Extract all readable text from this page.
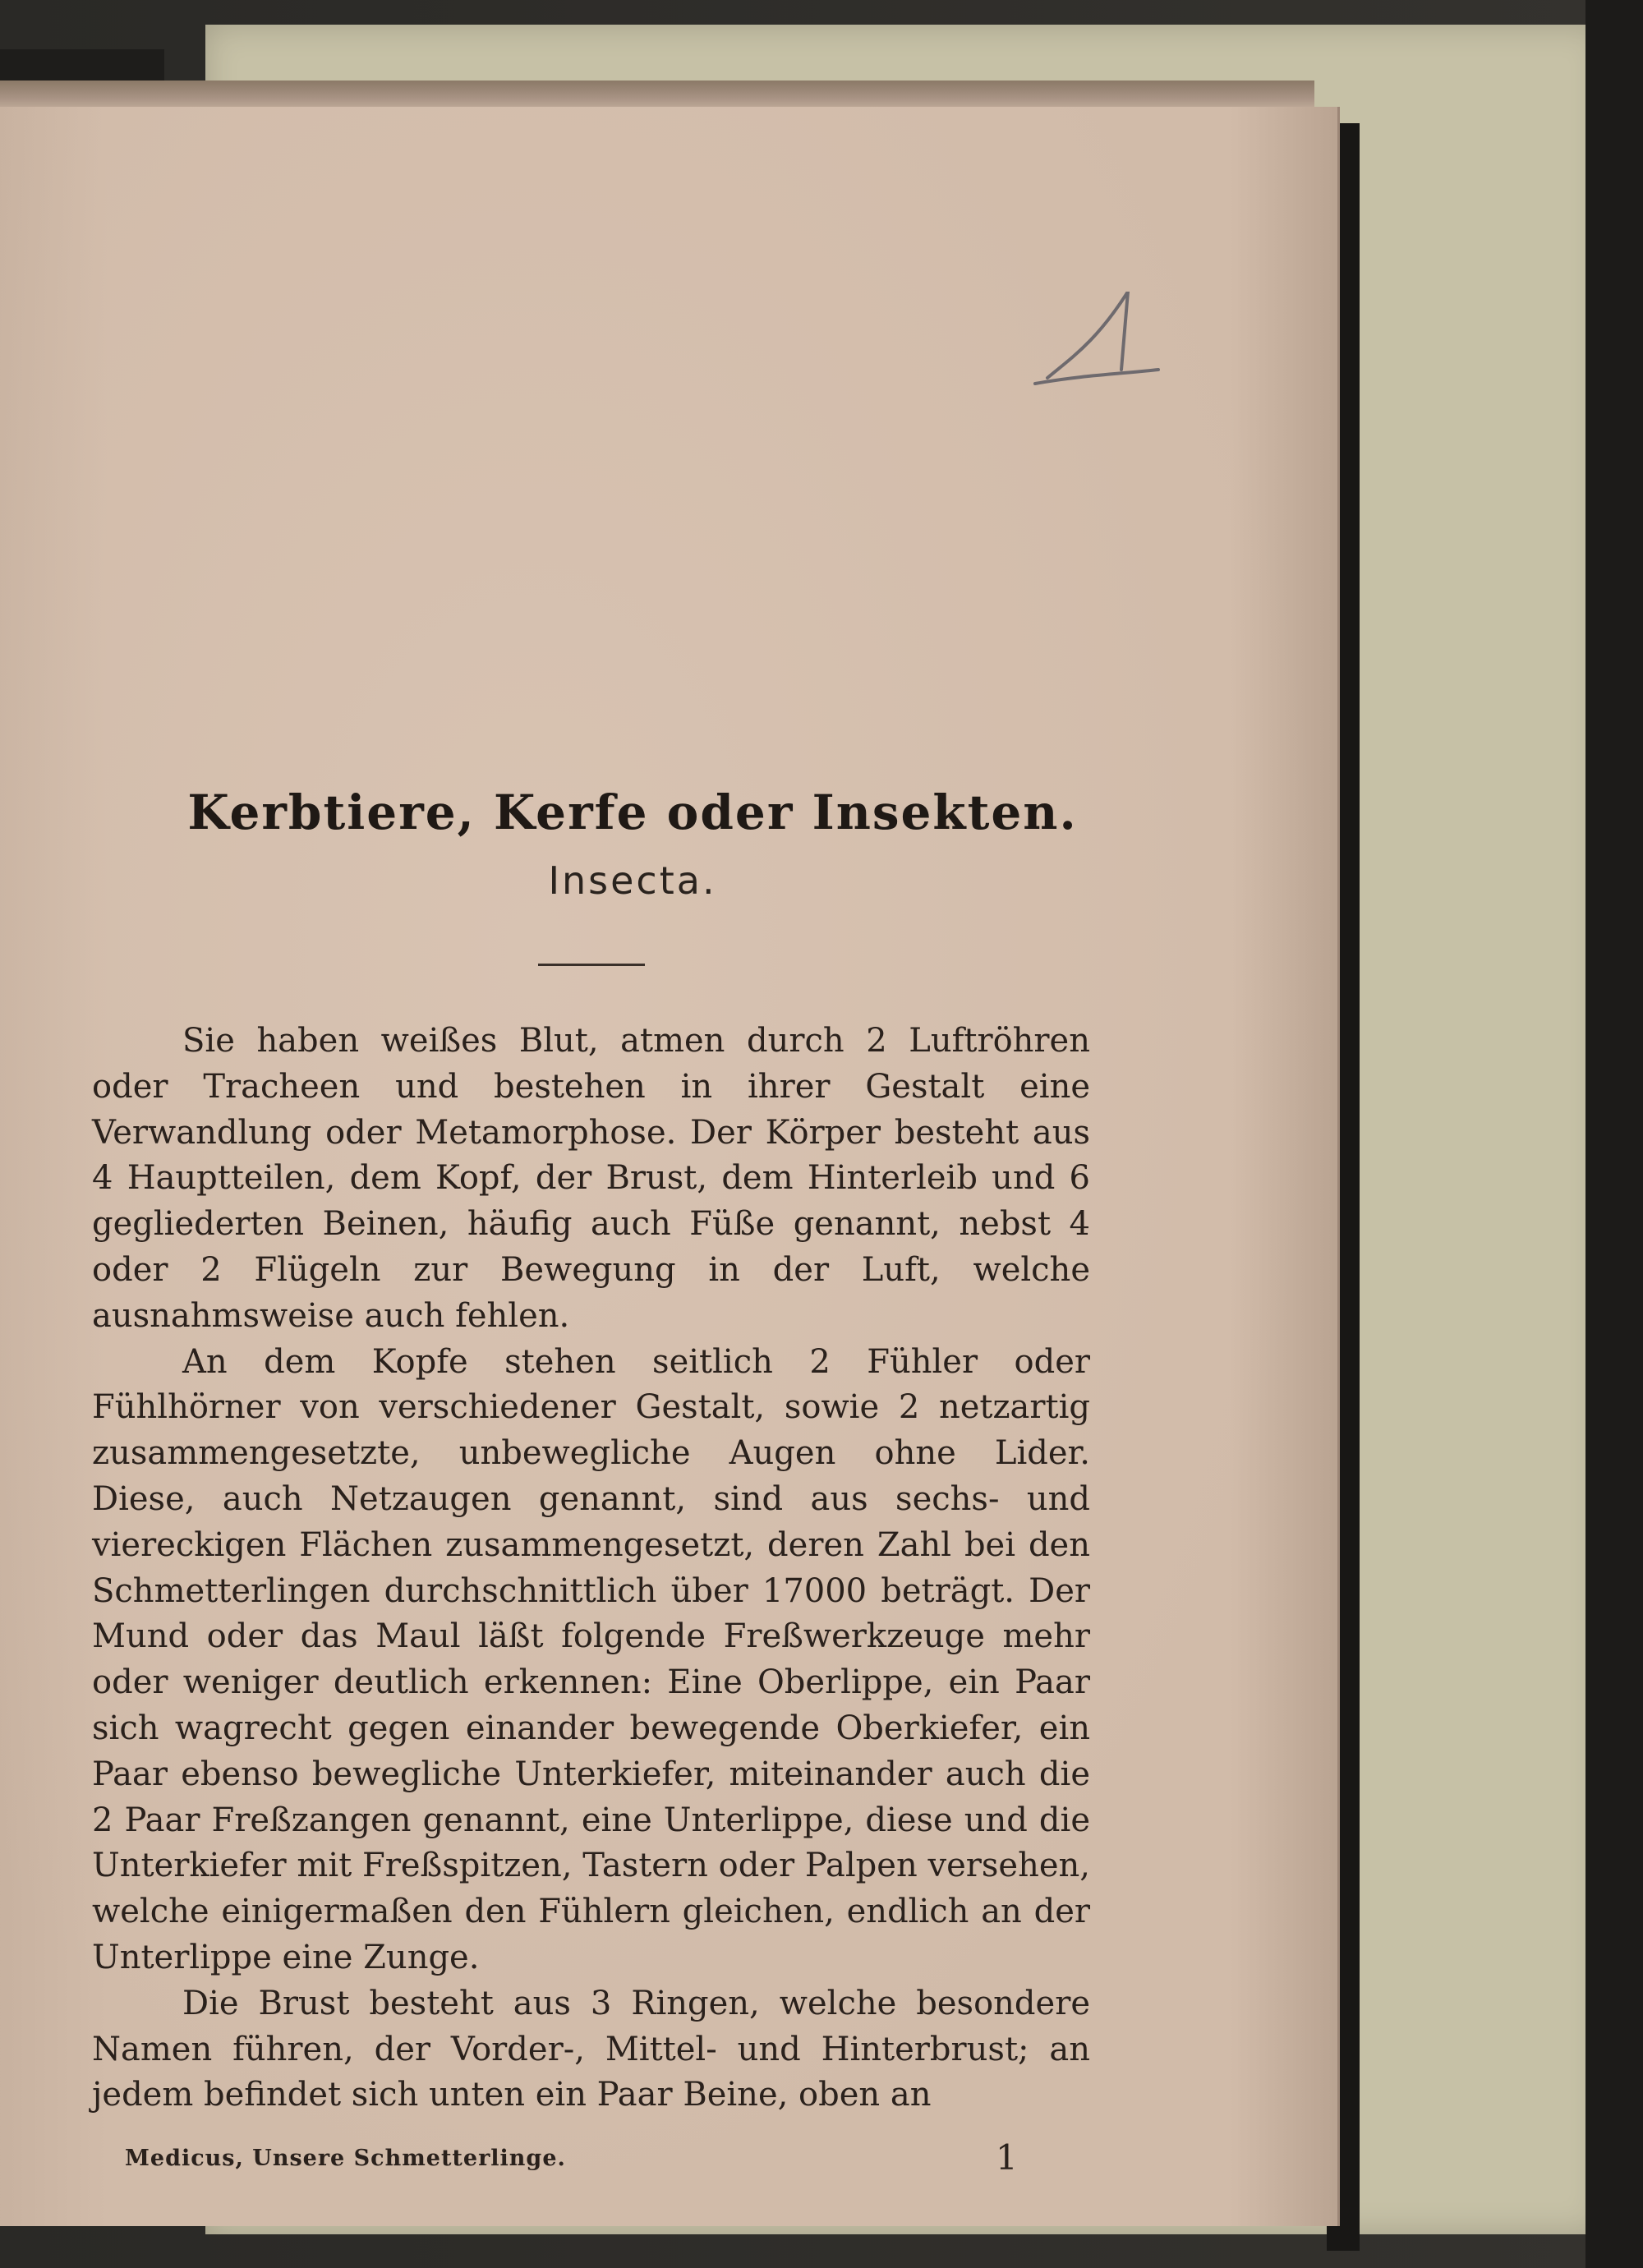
Kerbtiere, Kerfe oder Insekten.
Insecta.

Sie haben weißes Blut, atmen durch 2 Luftröhren oder Tracheen und bestehen in ihrer Gestalt eine Verwandlung oder Metamorphose. Der Körper besteht aus 4 Hauptteilen, dem Kopf, der Brust, dem Hinterleib und 6 gegliederten Beinen, häufig auch Füße genannt, nebst 4 oder 2 Flügeln zur Bewegung in der Luft, welche ausnahmsweise auch fehlen.

An dem Kopfe stehen seitlich 2 Fühler oder Fühlhörner von verschiedener Gestalt, sowie 2 netzartig zusammengesetzte, unbewegliche Augen ohne Lider. Diese, auch Netzaugen genannt, sind aus sechs- und viereckigen Flächen zusammengesetzt, deren Zahl bei den Schmetterlingen durchschnittlich über 17000 beträgt. Der Mund oder das Maul läßt folgende Freßwerkzeuge mehr oder weniger deutlich erkennen: Eine Oberlippe, ein Paar sich wagrecht gegen einander bewegende Oberkiefer, ein Paar ebenso bewegliche Unterkiefer, miteinander auch die 2 Paar Freßzangen genannt, eine Unterlippe, diese und die Unterkiefer mit Freßspitzen, Tastern oder Palpen versehen, welche einigermaßen den Fühlern gleichen, endlich an der Unterlippe eine Zunge.

Die Brust besteht aus 3 Ringen, welche besondere Namen führen, der Vorder-, Mittel- und Hinterbrust; an jedem befindet sich unten ein Paar Beine, oben an

Medicus, Unsere Schmetterlinge.	1
